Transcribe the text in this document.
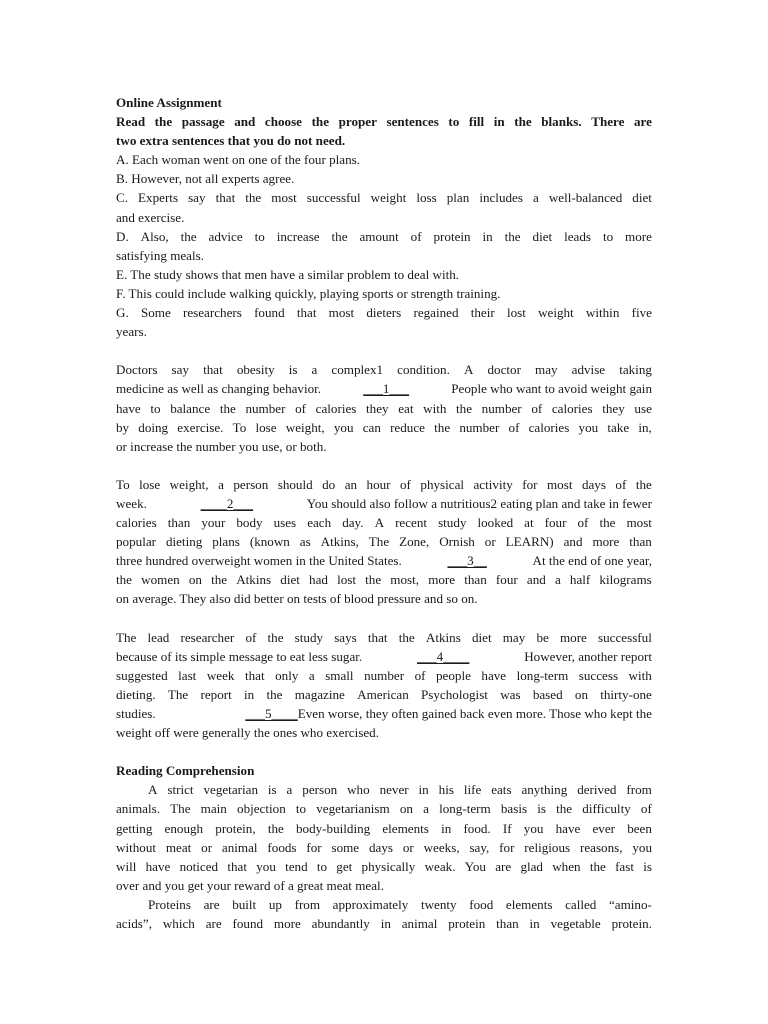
Online Assignment
Read the passage and choose the proper sentences to fill in the blanks. There are
two extra sentences that you do not need.
A. Each woman went on one of the four plans.
B. However, not all experts agree.
C. Experts say that the most successful weight loss plan includes a well-balanced diet
and exercise.
D. Also, the advice to increase the amount of protein in the diet leads to more
satisfying meals.
E. The study shows that men have a similar problem to deal with.
F. This could include walking quickly, playing sports or strength training.
G. Some researchers found that most dieters regained their lost weight within five
years.
Doctors say that obesity is a complex1 condition. A doctor may advise taking
medicine as well as changing behavior.	___1___	People who want to avoid weight gain
have to balance the number of calories they eat with the number of calories they use
by doing exercise. To lose weight, you can reduce the number of calories you take in,
or increase the number you use, or both.
To lose weight, a person should do an hour of physical activity for most days of the
week.	____2___	You should also follow a nutritious2 eating plan and take in fewer
calories than your body uses each day. A recent study looked at four of the most
popular dieting plans (known as Atkins, The Zone, Ornish or LEARN) and more than
three hundred overweight women in the United States.	___3__	At the end of one year,
the women on the Atkins diet had lost the most, more than four and a half kilograms
on average. They also did better on tests of blood pressure and so on.
The lead researcher of the study says that the Atkins diet may be more successful
because of its simple message to eat less sugar.	___4____	However, another report
suggested last week that only a small number of people have long-term success with
dieting. The report in the magazine American Psychologist was based on thirty-one
studies.	___5____Even worse, they often gained back even more. Those who kept the
weight off were generally the ones who exercised.
Reading Comprehension
A strict vegetarian is a person who never in his life eats anything derived from
animals. The main objection to vegetarianism on a long-term basis is the difficulty of
getting enough protein, the body-building elements in food. If you have ever been
without meat or animal foods for some days or weeks, say, for religious reasons, you
will have noticed that you tend to get physically weak. You are glad when the fast is
over and you get your reward of a great meat meal.
Proteins are built up from approximately twenty food elements called “amino-
acids”, which are found more abundantly in animal protein than in vegetable protein.
